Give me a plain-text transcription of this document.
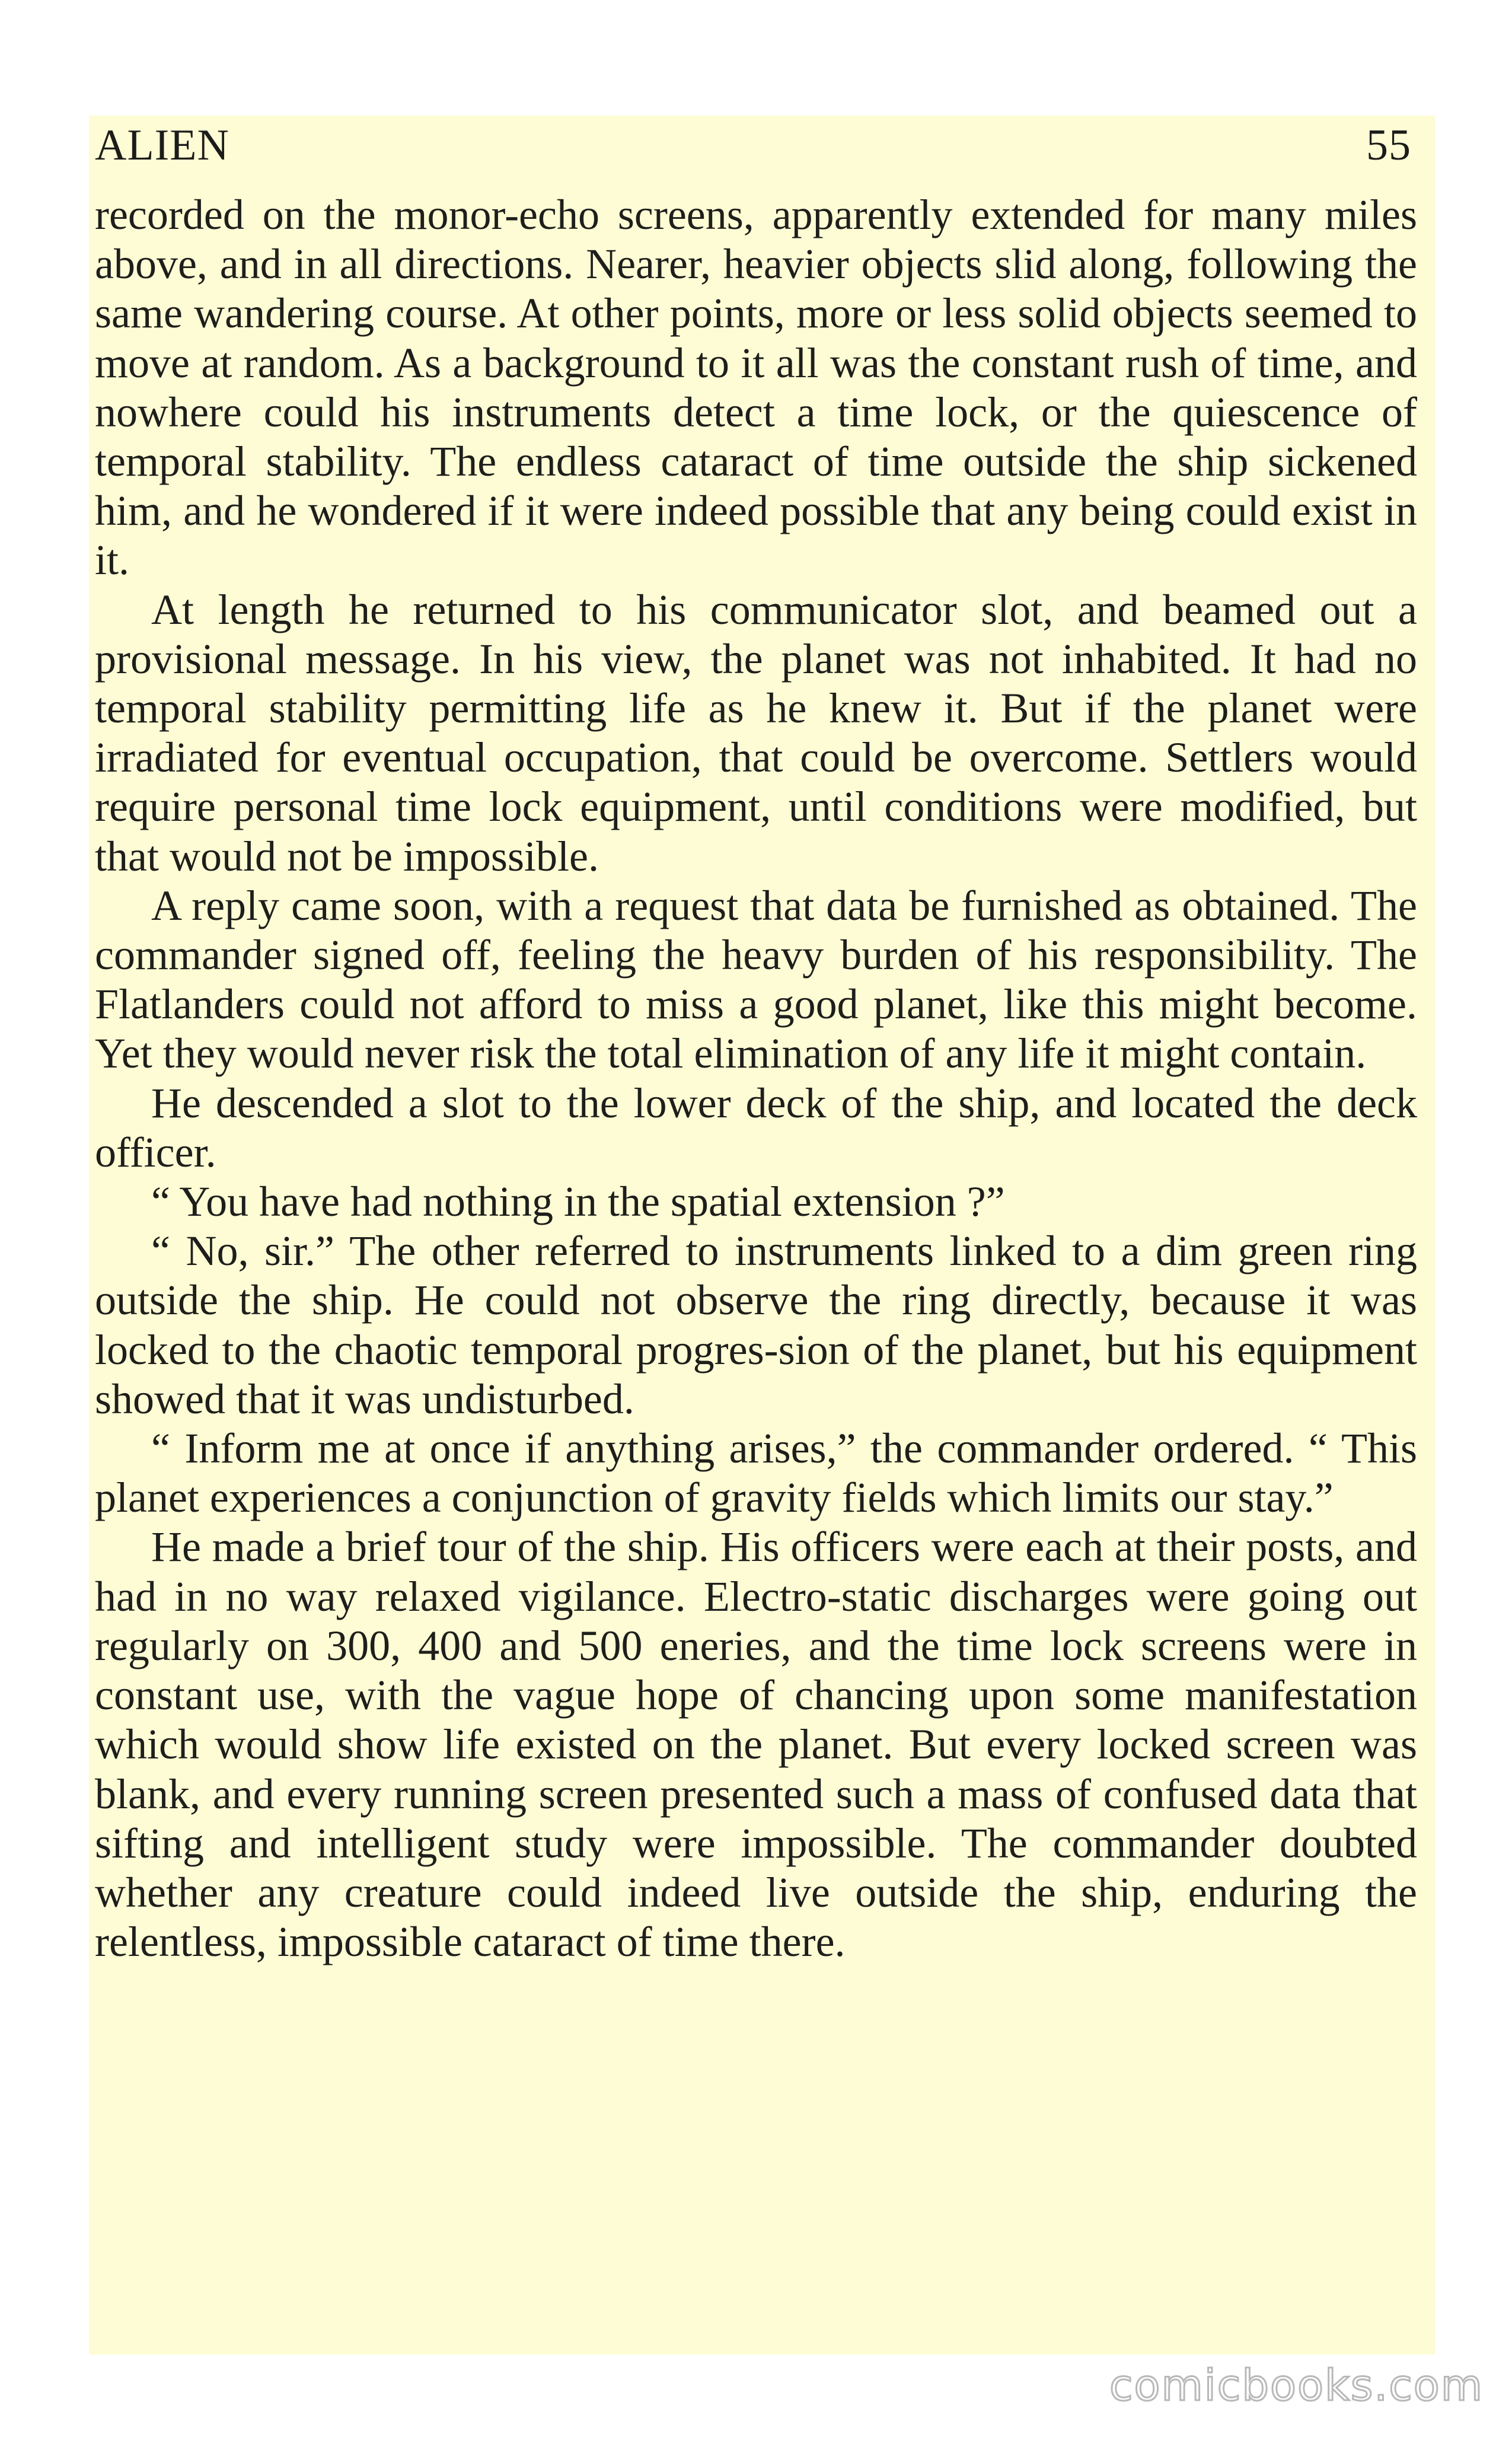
ALIEN	55

recorded on the monor-echo screens, apparently extended for many miles above, and in all directions. Nearer, heavier objects slid along, following the same wandering course. At other points, more or less solid objects seemed to move at random. As a background to it all was the constant rush of time, and nowhere could his instruments detect a time lock, or the quiescence of temporal stability. The endless cataract of time outside the ship sickened him, and he wondered if it were indeed possible that any being could exist in it.

At length he returned to his communicator slot, and beamed out a provisional message. In his view, the planet was not inhabited. It had no temporal stability permitting life as he knew it. But if the planet were irradiated for eventual occupation, that could be overcome. Settlers would require personal time lock equipment, until conditions were modified, but that would not be impossible.

A reply came soon, with a request that data be furnished as obtained. The commander signed off, feeling the heavy burden of his responsibility. The Flatlanders could not afford to miss a good planet, like this might become. Yet they would never risk the total elimination of any life it might contain.

He descended a slot to the lower deck of the ship, and located the deck officer.

“ You have had nothing in the spatial extension ?”

“ No, sir.” The other referred to instruments linked to a dim green ring outside the ship. He could not observe the ring directly, because it was locked to the chaotic temporal progres-sion of the planet, but his equipment showed that it was undisturbed.

“ Inform me at once if anything arises,” the commander ordered. “ This planet experiences a conjunction of gravity fields which limits our stay.”

He made a brief tour of the ship. His officers were each at their posts, and had in no way relaxed vigilance. Electro-static discharges were going out regularly on 300, 400 and 500 eneries, and the time lock screens were in constant use, with the vague hope of chancing upon some manifestation which would show life existed on the planet. But every locked screen was blank, and every running screen presented such a mass of confused data that sifting and intelligent study were impossible. The commander doubted whether any creature could indeed live outside the ship, enduring the relentless, impossible cataract of time there.

comicbooks.com
